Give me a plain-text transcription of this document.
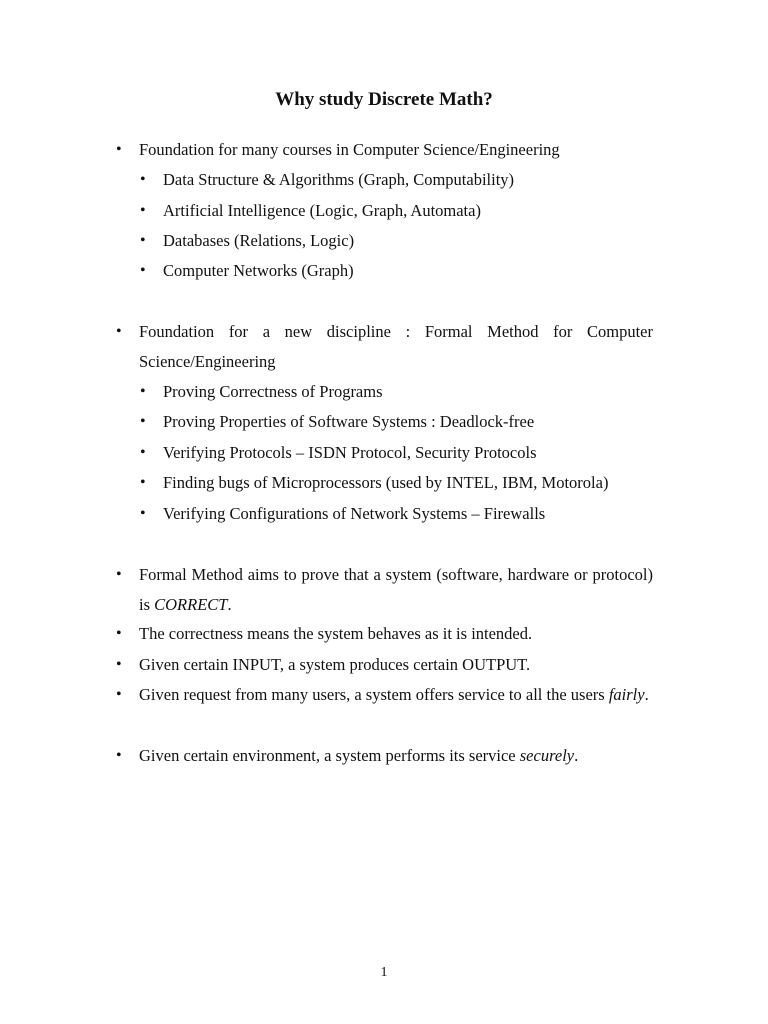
Why study Discrete Math?
• Foundation for many courses in Computer Science/Engineering
• Data Structure & Algorithms (Graph, Computability)
• Artificial Intelligence (Logic, Graph, Automata)
• Databases (Relations, Logic)
• Computer Networks (Graph)
• Foundation for a new discipline : Formal Method for Computer Science/Engineering
• Proving Correctness of Programs
• Proving Properties of Software Systems : Deadlock-free
• Verifying Protocols – ISDN Protocol, Security Protocols
• Finding bugs of Microprocessors (used by INTEL, IBM, Motorola)
• Verifying Configurations of Network Systems – Firewalls
• Formal Method aims to prove that a system (software, hardware or protocol) is CORRECT.
• The correctness means the system behaves as it is intended.
• Given certain INPUT, a system produces certain OUTPUT.
• Given request from many users, a system offers service to all the users fairly.
• Given certain environment, a system performs its service securely.
1
